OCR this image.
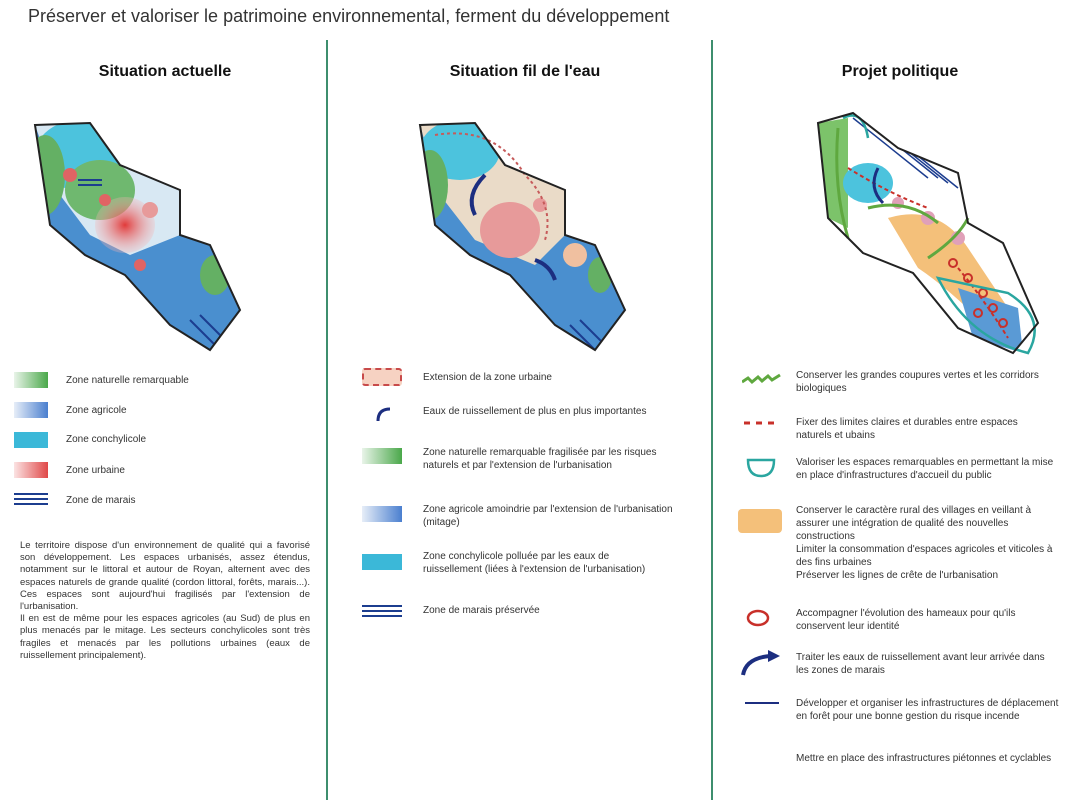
Préserver et valoriser le patrimoine environnemental, ferment du développement
Situation actuelle
Zone naturelle remarquable
Zone agricole
Zone conchylicole
Zone urbaine
Zone de marais

Le territoire dispose d'un environnement de qualité qui a favorisé son développement. Les espaces urbanisés, assez étendus, notamment sur le littoral et autour de Royan, alternent avec des espaces naturels de grande qualité (cordon littoral, forêts, marais...). Ces espaces sont aujourd'hui fragilisés par l'extension de l'urbanisation.

Il en est de même pour les espaces agricoles (au Sud) de plus en plus menacés par le mitage. Les secteurs conchylicoles sont très fragiles et menacés par les pollutions urbaines (eaux de ruissellement principalement).

Situation fil de l'eau
Extension de la zone urbaine
Eaux de ruissellement de plus en plus importantes
Zone naturelle remarquable fragilisée par les risques naturels et par l'extension de l'urbanisation
Zone agricole amoindrie par l'extension de l'urbanisation (mitage)
Zone conchylicole polluée par les eaux de ruissellement (liées à l'extension de l'urbanisation)
Zone de marais préservée
Projet politique
Conserver les grandes coupures vertes et les corridors biologiques
Fixer des limites claires et durables entre espaces naturels et ubains
Valoriser les espaces remarquables en permettant la mise en place d'infrastructures d'accueil du public
Conserver le caractère rural des villages en veillant à assurer une intégration de qualité des nouvelles constructions
Limiter la consommation d'espaces agricoles et viticoles à des fins urbaines
Préserver les lignes de crête de l'urbanisation
Accompagner l'évolution des hameaux pour qu'ils conservent leur identité
Traiter les eaux de ruissellement avant leur arrivée dans les zones de marais
Développer et organiser les infrastructures de déplacement en forêt pour une bonne gestion du risque incende
Mettre en place des infrastructures piétonnes et cyclables
